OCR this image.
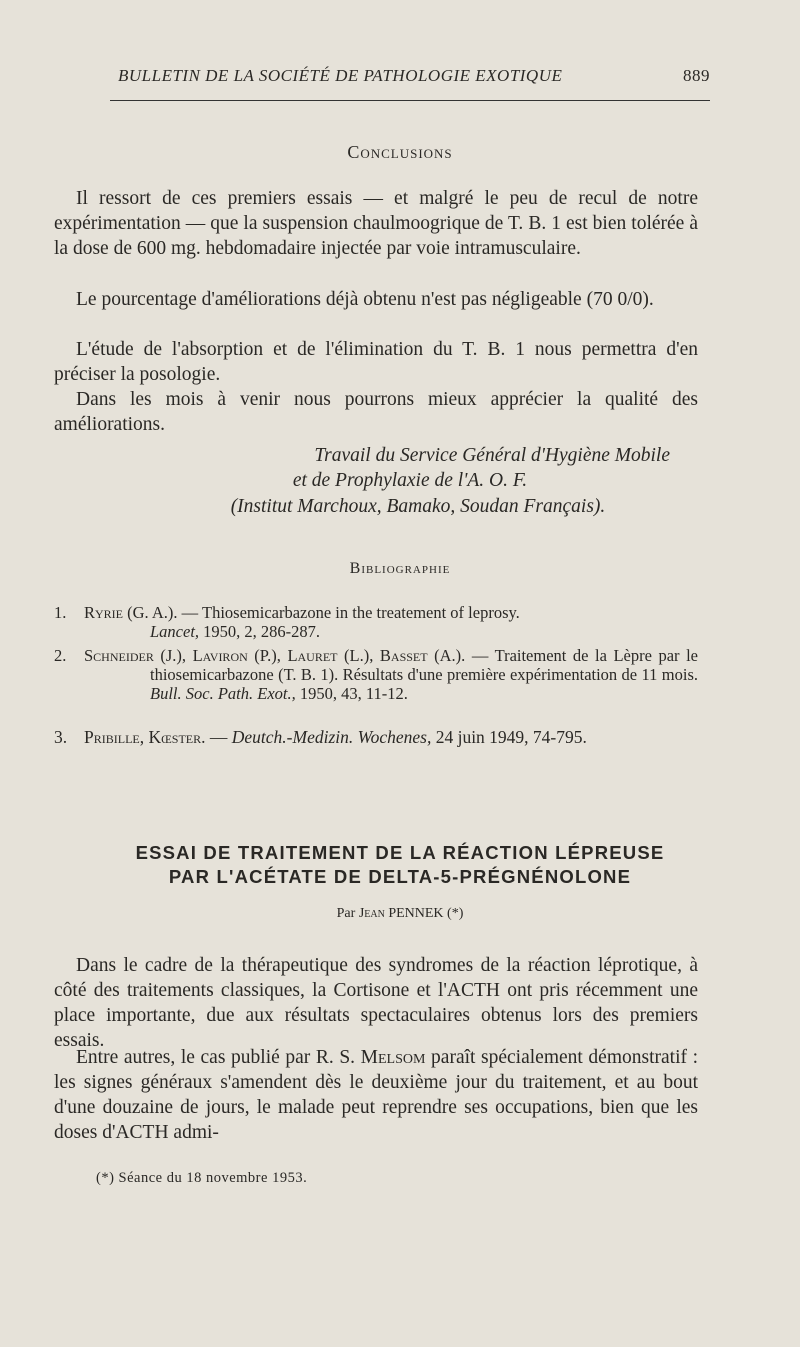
BULLETIN DE LA SOCIÉTÉ DE PATHOLOGIE EXOTIQUE	889
Conclusions
Il ressort de ces premiers essais — et malgré le peu de recul de notre expérimentation — que la suspension chaulmoogrique de T. B. 1 est bien tolérée à la dose de 600 mg. hebdomadaire injectée par voie intramusculaire.
Le pourcentage d'améliorations déjà obtenu n'est pas négligeable (70 0/0).
L'étude de l'absorption et de l'élimination du T. B. 1 nous permettra d'en préciser la posologie.
Dans les mois à venir nous pourrons mieux apprécier la qualité des améliorations.
Travail du Service Général d'Hygiène Mobile
et de Prophylaxie de l'A. O. F.
(Institut Marchoux, Bamako, Soudan Français).
Bibliographie
1. Ryrie (G. A.). — Thiosemicarbazone in the treatement of leprosy.
Lancet, 1950, 2, 286-287.
2. Schneider (J.), Laviron (P.), Lauret (L.), Basset (A.). — Traitement de la Lèpre par le thiosemicarbazone (T. B. 1). Résultats d'une première expérimentation de 11 mois. Bull. Soc. Path. Exot., 1950, 43, 11-12.
3. Pribille, Kœster. — Deutch.-Medizin. Wochenes, 24 juin 1949, 74-795.
ESSAI DE TRAITEMENT DE LA RÉACTION LÉPREUSE
PAR L'ACÉTATE DE DELTA-5-PRÉGNÉNOLONE
Par Jean PENNEK (*)
Dans le cadre de la thérapeutique des syndromes de la réaction léprotique, à côté des traitements classiques, la Cortisone et l'ACTH ont pris récemment une place importante, due aux résultats spectaculaires obtenus lors des premiers essais.
Entre autres, le cas publié par R. S. Melsom paraît spécialement démonstratif : les signes généraux s'amendent dès le deuxième jour du traitement, et au bout d'une douzaine de jours, le malade peut reprendre ses occupations, bien que les doses d'ACTH admi-
(*) Séance du 18 novembre 1953.
